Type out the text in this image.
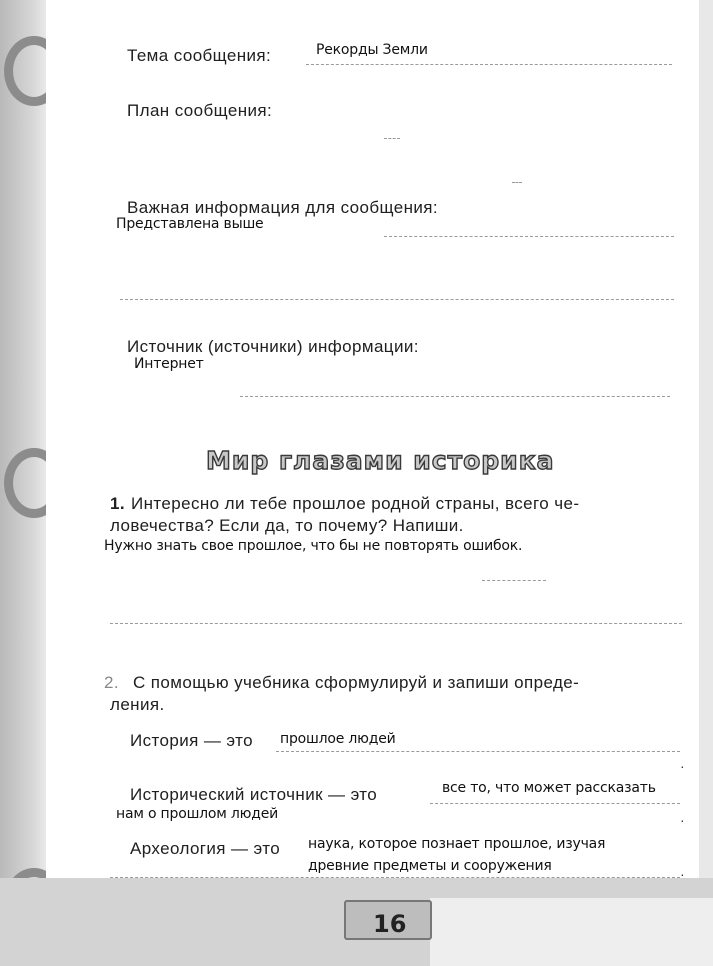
Тема сообщения:	Рекорды Земли
План сообщения:
Важная информация для сообщения:
Представлена выше
Источник (источники) информации:
Интернет
Мир глазами историка
1. Интересно ли тебе прошлое родной страны, всего че-
ловечества? Если да, то почему? Напиши.
Нужно знать свое прошлое, что бы не повторять ошибок.
2. С помощью учебника сформулируй и запиши опреде-
ления.
История — это прошлое людей
·
Исторический источник — это	все то, что может рассказать
нам о прошлом людей	·
Археология — это наука, которое познает прошлое, изучая
древние предметы и сооружения	·
16
